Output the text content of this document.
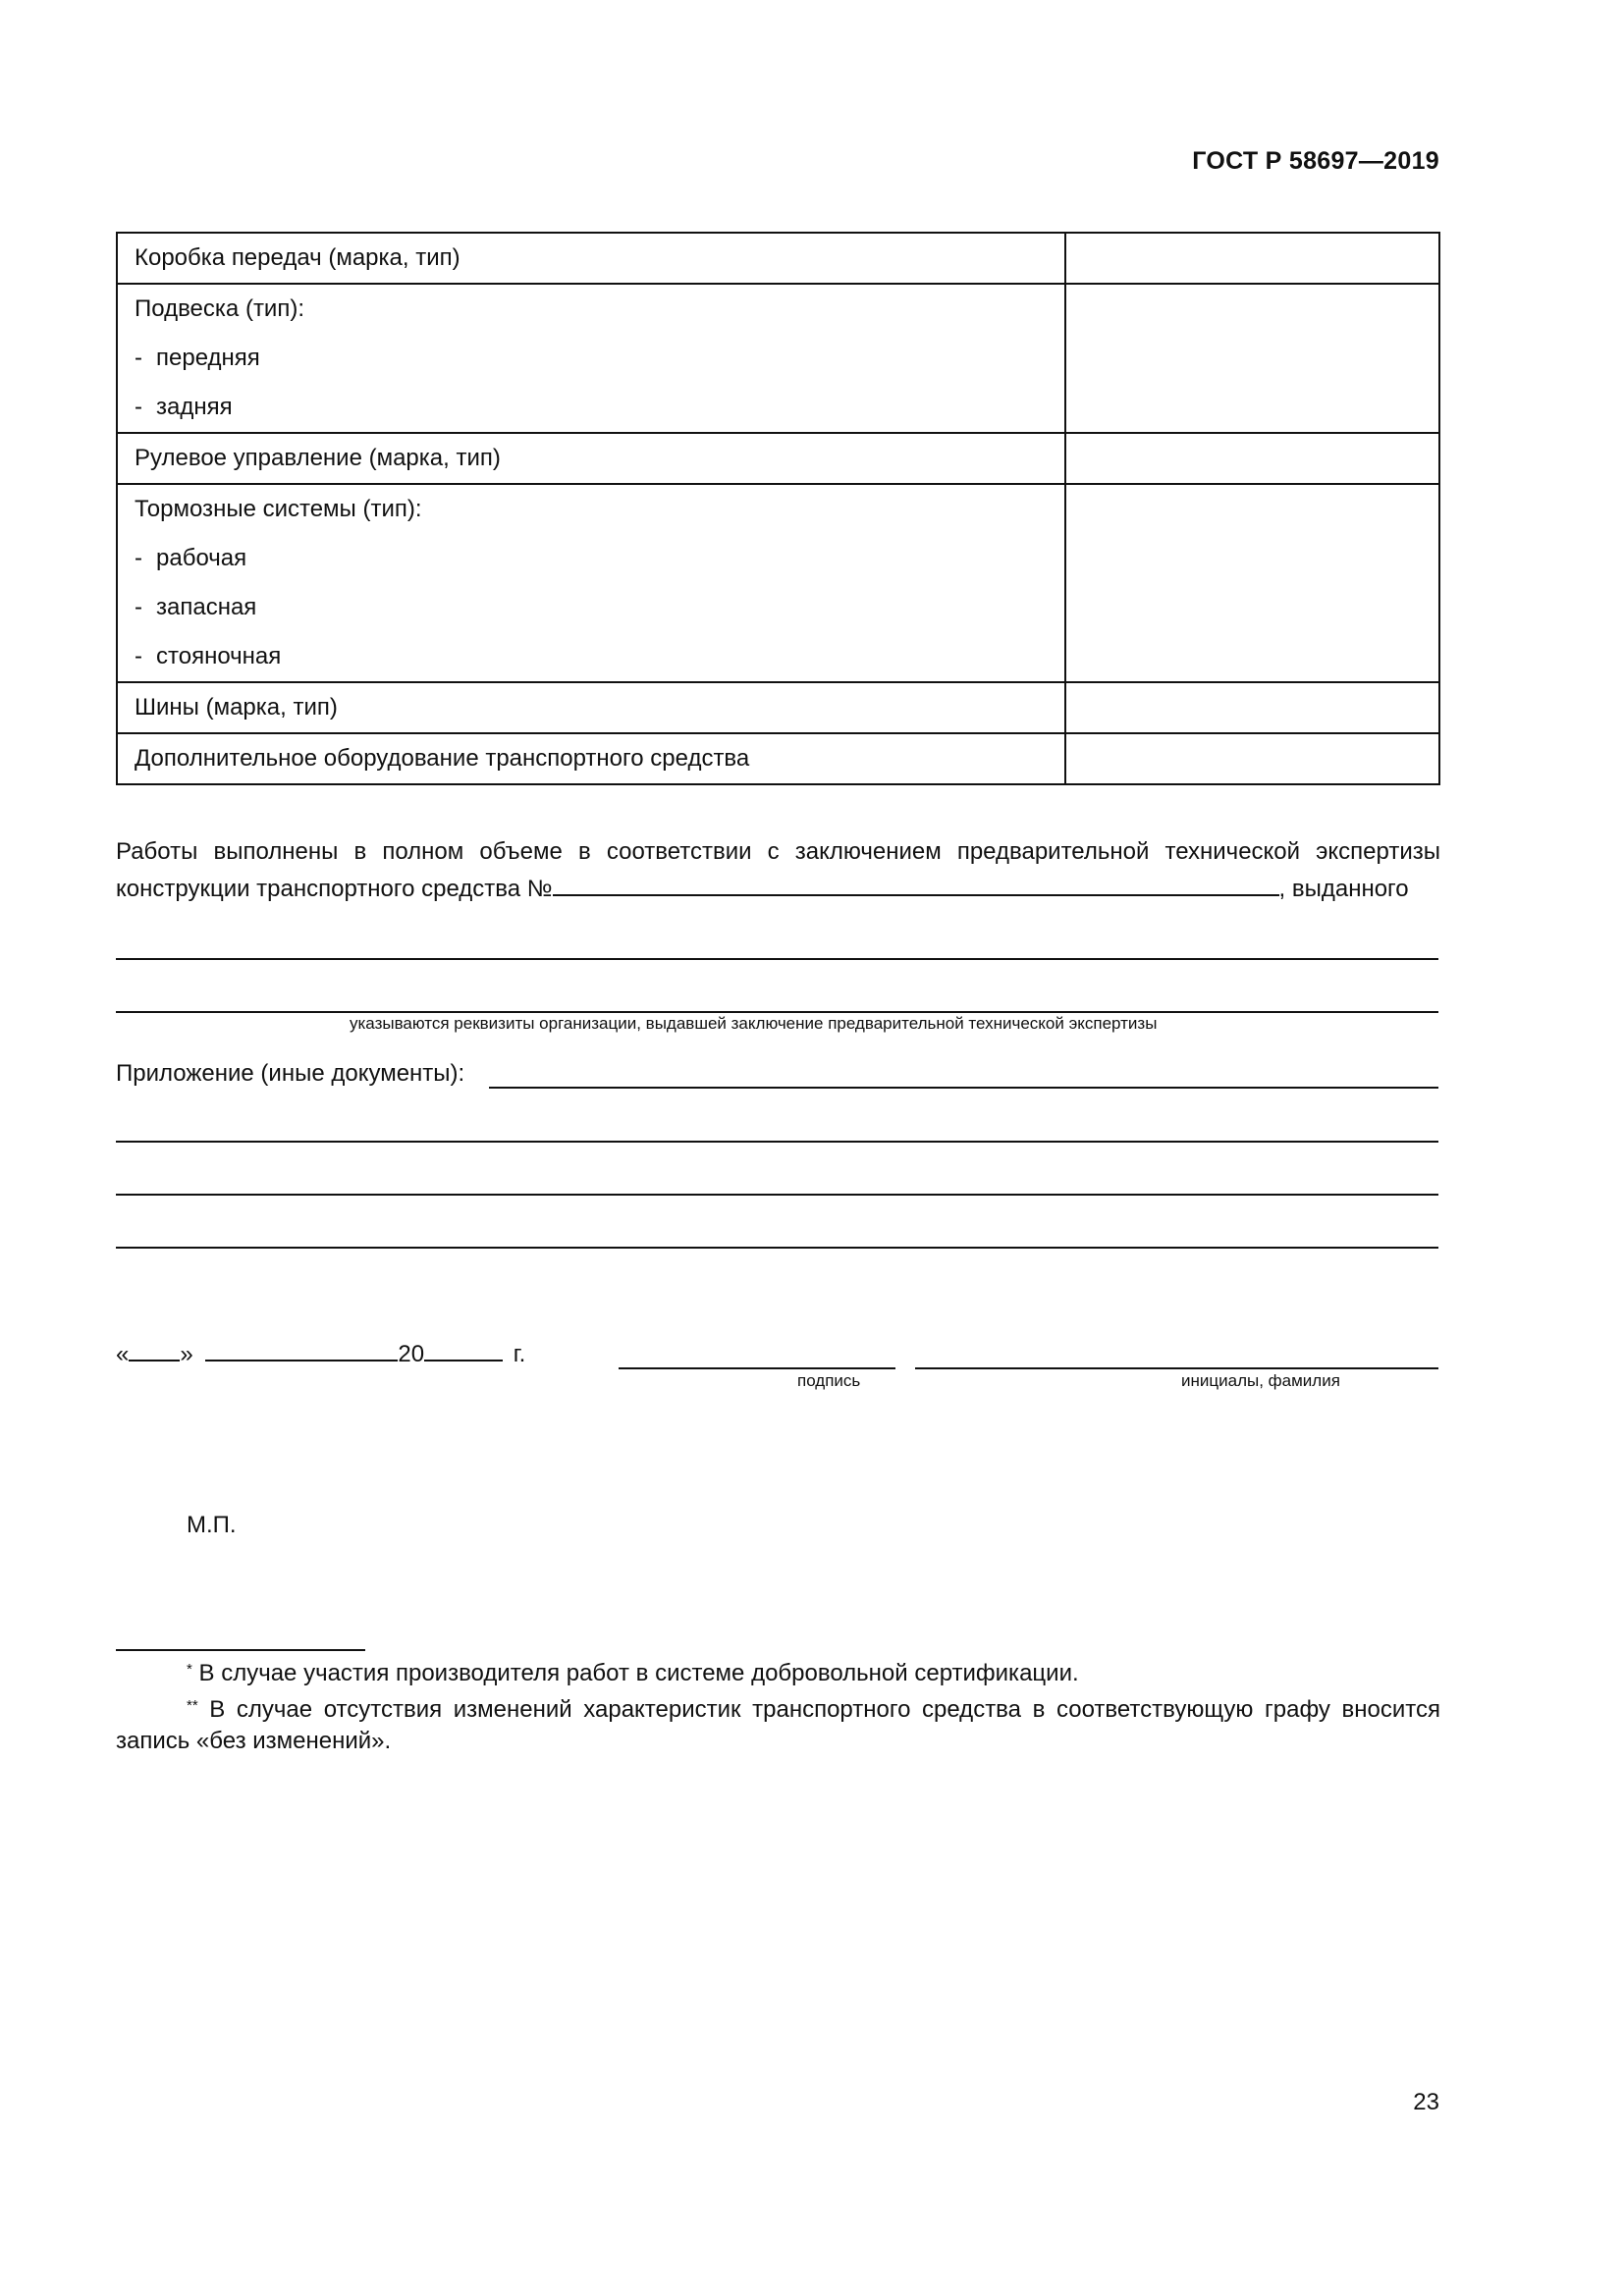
ГОСТ Р 58697—2019
Коробка передач (марка, тип)	

Подвеска (тип):
- передняя
- задняя	

Рулевое управление (марка, тип)	

Тормозные системы (тип):
- рабочая
- запасная
- стояночная	

Шины (марка, тип)	

Дополнительное оборудование транспортного средства	

Работы выполнены в полном объеме в соответствии с заключением предварительной технической экспертизы конструкции транспортного средства №	, выданного
указываются реквизиты организации, выдавшей заключение предварительной технической экспертизы
Приложение (иные документы):
« »	20	г.
подпись	инициалы, фамилия
М.П.
* В случае участия производителя работ в системе добровольной сертификации.
** В случае отсутствия изменений характеристик транспортного средства в соответствующую графу вносится запись «без изменений».
23
